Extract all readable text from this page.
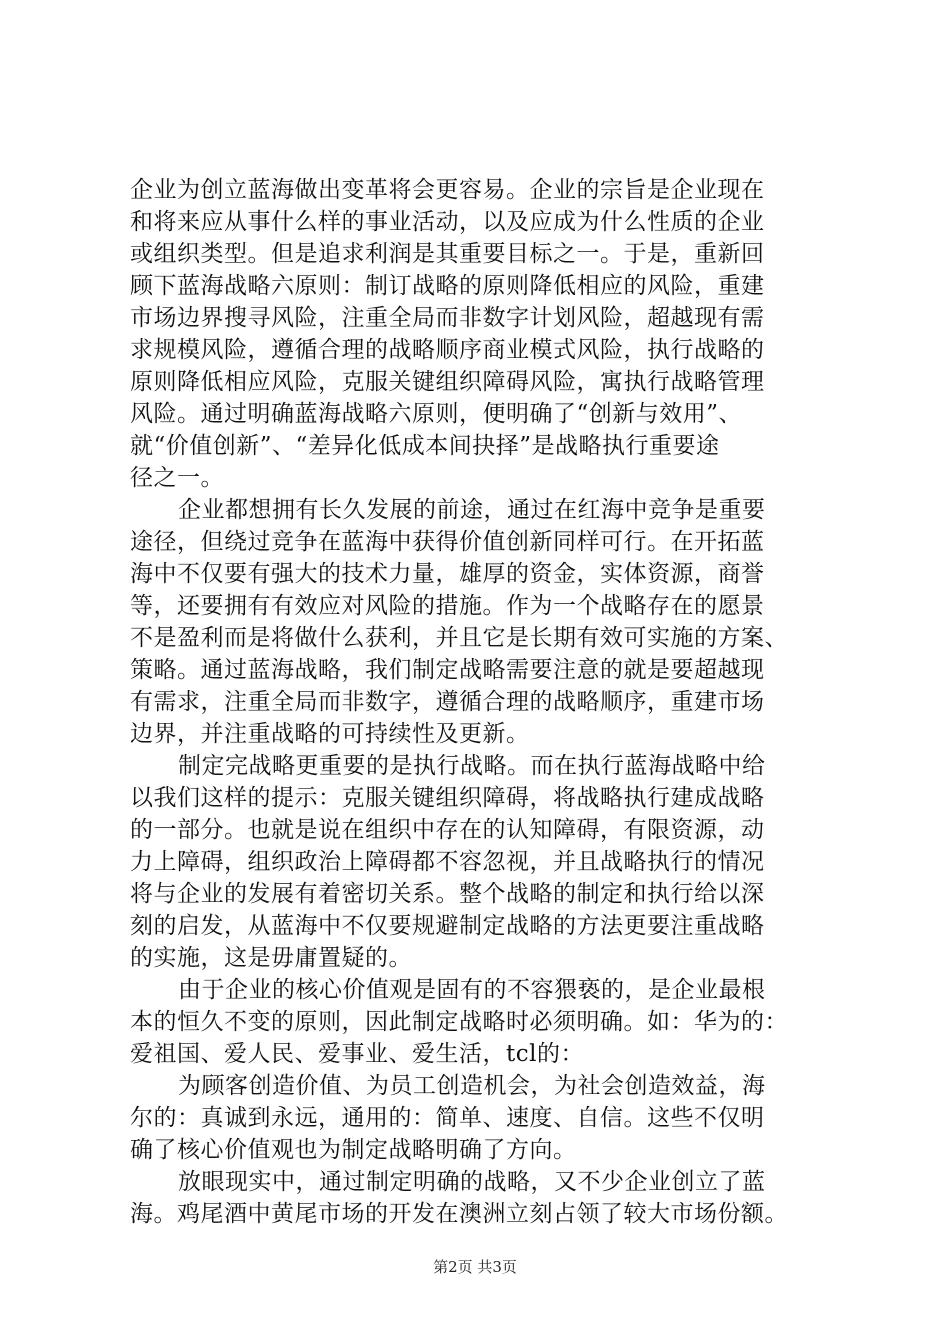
企业为创立蓝海做出变革将会更容易。企业的宗旨是企业现在
和将来应从事什么样的事业活动，以及应成为什么性质的企业
或组织类型。但是追求利润是其重要目标之一。于是，重新回
顾下蓝海战略六原则：制订战略的原则降低相应的风险，重建
市场边界搜寻风险，注重全局而非数字计划风险，超越现有需
求规模风险，遵循合理的战略顺序商业模式风险，执行战略的
原则降低相应风险，克服关键组织障碍风险，寓执行战略管理
风险。通过明确蓝海战略六原则，便明确了“创新与效用”、
就“价值创新”、“差异化低成本间抉择”是战略执行重要途
径之一。
企业都想拥有长久发展的前途，通过在红海中竞争是重要
途径，但绕过竞争在蓝海中获得价值创新同样可行。在开拓蓝
海中不仅要有强大的技术力量，雄厚的资金，实体资源，商誉
等，还要拥有有效应对风险的措施。作为一个战略存在的愿景
不是盈利而是将做什么获利，并且它是长期有效可实施的方案、
策略。通过蓝海战略，我们制定战略需要注意的就是要超越现
有需求，注重全局而非数字，遵循合理的战略顺序，重建市场
边界，并注重战略的可持续性及更新。
制定完战略更重要的是执行战略。而在执行蓝海战略中给
以我们这样的提示：克服关键组织障碍，将战略执行建成战略
的一部分。也就是说在组织中存在的认知障碍，有限资源，动
力上障碍，组织政治上障碍都不容忽视，并且战略执行的情况
将与企业的发展有着密切关系。整个战略的制定和执行给以深
刻的启发，从蓝海中不仅要规避制定战略的方法更要注重战略
的实施，这是毋庸置疑的。
由于企业的核心价值观是固有的不容猥亵的，是企业最根
本的恒久不变的原则，因此制定战略时必须明确。如：华为的：
爱祖国、爱人民、爱事业、爱生活，tcl的：
为顾客创造价值、为员工创造机会，为社会创造效益，海
尔的：真诚到永远，通用的：简单、速度、自信。这些不仅明
确了核心价值观也为制定战略明确了方向。
放眼现实中，通过制定明确的战略，又不少企业创立了蓝
海。鸡尾酒中黄尾市场的开发在澳洲立刻占领了较大市场份额。
第2页 共3页
